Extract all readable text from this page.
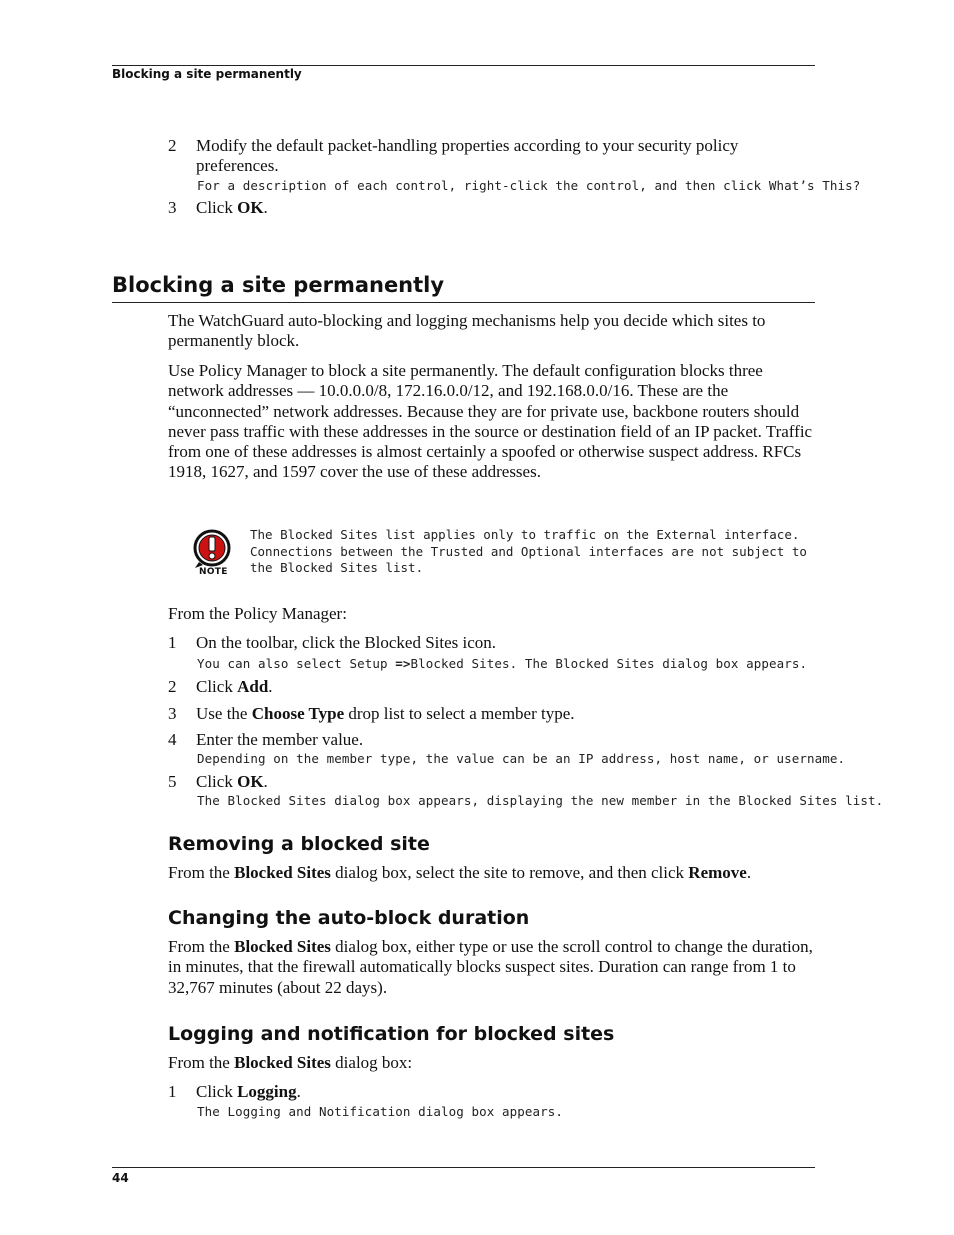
Blocking a site permanently
2	Modify the default packet-handling properties according to your security policy preferences.
For a description of each control, right-click the control, and then click What’s This?
3 Click OK.
Blocking a site permanently
The WatchGuard auto-blocking and logging mechanisms help you decide which sites to permanently block.
Use Policy Manager to block a site permanently. The default configuration blocks three network addresses — 10.0.0.0/8, 172.16.0.0/12, and 192.168.0.0/16. These are the “unconnected” network addresses. Because they are for private use, backbone routers should never pass traffic with these addresses in the source or destination field of an IP packet. Traffic from one of these addresses is almost certainly a spoofed or otherwise suspect address. RFCs 1918, 1627, and 1597 cover the use of these addresses.
NOTE
The Blocked Sites list applies only to traffic on the External interface.
Connections between the Trusted and Optional interfaces are not subject to
the Blocked Sites list.
From the Policy Manager:
1 On the toolbar, click the Blocked Sites icon.
You can also select Setup =>Blocked Sites. The Blocked Sites dialog box appears.
2 Click Add.
3 Use the Choose Type drop list to select a member type.
4 Enter the member value.
Depending on the member type, the value can be an IP address, host name, or username.
5 Click OK.
The Blocked Sites dialog box appears, displaying the new member in the Blocked Sites list.
Removing a blocked site
From the Blocked Sites dialog box, select the site to remove, and then click Remove.
Changing the auto-block duration
From the Blocked Sites dialog box, either type or use the scroll control to change the duration, in minutes, that the firewall automatically blocks suspect sites. Duration can range from 1 to 32,767 minutes (about 22 days).
Logging and notification for blocked sites
From the Blocked Sites dialog box:
1 Click Logging.
The Logging and Notification dialog box appears.
44
